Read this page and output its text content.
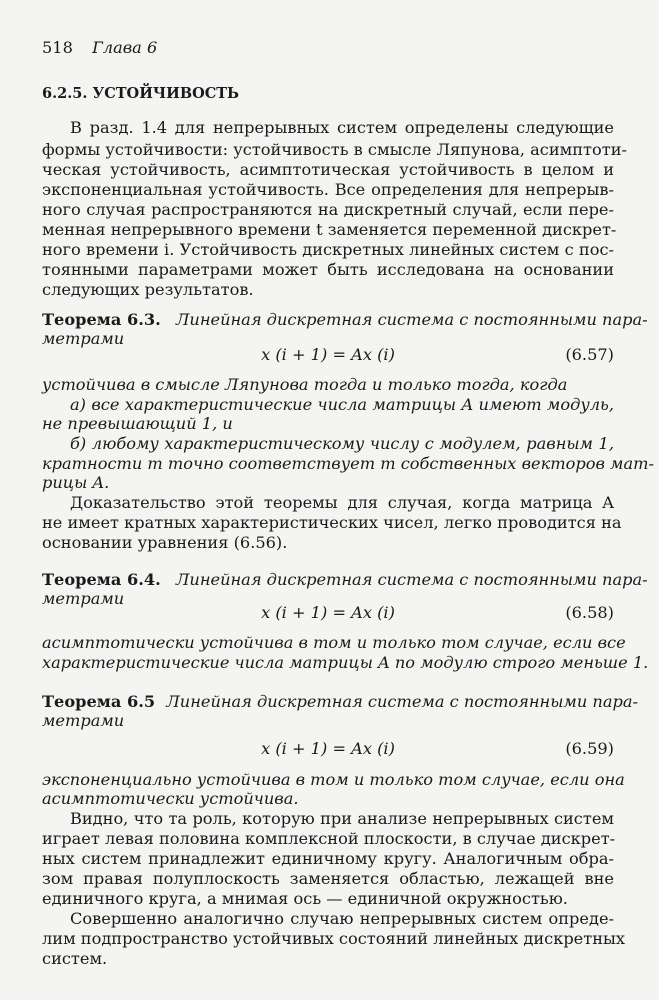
518 Глава 6
6.2.5. УСТОЙЧИВОСТЬ
В разд. 1.4 для непрерывных систем определены следующие
формы устойчивости: устойчивость в смысле Ляпунова, асимптоти-
ческая устойчивость, асимптотическая устойчивость в целом и
экспоненциальная устойчивость. Все определения для непрерыв-
ного случая распространяются на дискретный случай, если пере-
менная непрерывного времени t заменяется переменной дискрет-
ного времени i. Устойчивость дискретных линейных систем с пос-
тоянными параметрами может быть исследована на основании
следующих результатов.
Теорема 6.3. Линейная дискретная система с постоянными пара-
метрами
x (i + 1) = Ax (i)	(6.57)
устойчива в смысле Ляпунова тогда и только тогда, когда
а) все характеристические числа матрицы A имеют модуль,
не превышающий 1, и
б) любому характеристическому числу с модулем, равным 1,
кратности m точно соответствует m собственных векторов мат-
рицы A.
Доказательство этой теоремы для случая, когда матрица A
не имеет кратных характеристических чисел, легко проводится на
основании уравнения (6.56).
Теорема 6.4. Линейная дискретная система с постоянными пара-
метрами
x (i + 1) = Ax (i)	(6.58)
асимптотически устойчива в том и только том случае, если все
характеристические числа матрицы A по модулю строго меньше 1.
Теорема 6.5 Линейная дискретная система с постоянными пара-
метрами
x (i + 1) = Ax (i)	(6.59)
экспоненциально устойчива в том и только том случае, если она
асимптотически устойчива.
Видно, что та роль, которую при анализе непрерывных систем
играет левая половина комплексной плоскости, в случае дискрет-
ных систем принадлежит единичному кругу. Аналогичным обра-
зом правая полуплоскость заменяется областью, лежащей вне
единичного круга, а мнимая ось — единичной окружностью.
Совершенно аналогично случаю непрерывных систем опреде-
лим подпространство устойчивых состояний линейных дискретных
систем.
